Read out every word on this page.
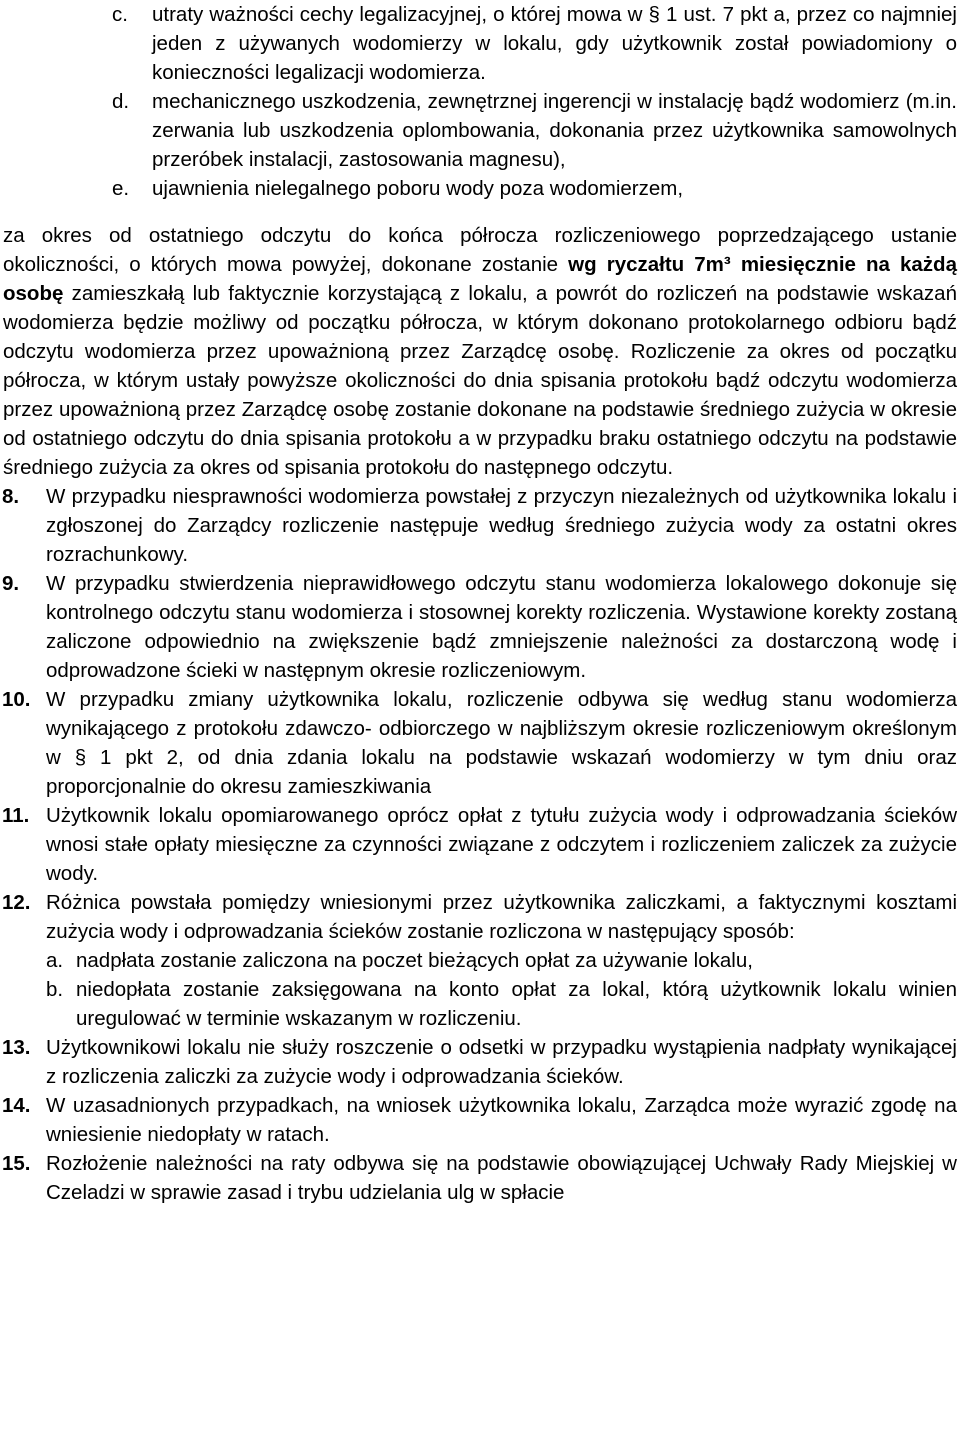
c.	utraty ważności cechy legalizacyjnej, o której mowa w § 1 ust. 7 pkt a, przez co najmniej jeden z używanych wodomierzy w lokalu, gdy użytkownik został powiadomiony o konieczności legalizacji wodomierza.
d.	mechanicznego uszkodzenia, zewnętrznej ingerencji w instalację bądź wodomierz (m.in. zerwania lub uszkodzenia oplombowania, dokonania przez użytkownika samowolnych przeróbek instalacji, zastosowania magnesu),
e.	ujawnienia nielegalnego poboru wody poza wodomierzem,

za okres od ostatniego odczytu do końca półrocza rozliczeniowego poprzedzającego ustanie okoliczności, o których mowa powyżej, dokonane zostanie wg ryczałtu 7m³ miesięcznie na każdą osobę zamieszkałą lub faktycznie korzystającą z lokalu, a powrót do rozliczeń na podstawie wskazań wodomierza będzie możliwy od początku półrocza, w którym dokonano protokolarnego odbioru bądź odczytu wodomierza przez upoważnioną przez Zarządcę osobę. Rozliczenie za okres od początku półrocza, w którym ustały powyższe okoliczności do dnia spisania protokołu bądź odczytu wodomierza przez upoważnioną przez Zarządcę osobę zostanie dokonane na podstawie średniego zużycia w okresie od ostatniego odczytu do dnia spisania protokołu a w przypadku braku ostatniego odczytu na podstawie średniego zużycia za okres od spisania protokołu do następnego odczytu.

8.	W przypadku niesprawności wodomierza powstałej z przyczyn niezależnych od użytkownika lokalu i zgłoszonej do Zarządcy rozliczenie następuje według średniego zużycia wody za ostatni okres rozrachunkowy.
9.	W przypadku stwierdzenia nieprawidłowego odczytu stanu wodomierza lokalowego dokonuje się kontrolnego odczytu stanu wodomierza i stosownej korekty rozliczenia. Wystawione korekty zostaną zaliczone odpowiednio na zwiększenie bądź zmniejszenie należności za dostarczoną wodę i odprowadzone ścieki w następnym okresie rozliczeniowym.
10. W przypadku zmiany użytkownika lokalu, rozliczenie odbywa się według stanu wodomierza wynikającego z protokołu zdawczo- odbiorczego w najbliższym okresie rozliczeniowym określonym w § 1 pkt 2, od dnia zdania lokalu na podstawie wskazań wodomierzy w tym dniu oraz proporcjonalnie do okresu zamieszkiwania
11. Użytkownik lokalu opomiarowanego oprócz opłat z tytułu zużycia wody i odprowadzania ścieków wnosi stałe opłaty miesięczne za czynności związane z odczytem i rozliczeniem zaliczek za zużycie wody.
12. Różnica powstała pomiędzy wniesionymi przez użytkownika zaliczkami, a faktycznymi kosztami zużycia wody i odprowadzania ścieków zostanie rozliczona w następujący sposób:
a. nadpłata zostanie zaliczona na poczet bieżących opłat za używanie lokalu,
b. niedopłata zostanie zaksięgowana na konto opłat za lokal, którą użytkownik lokalu winien uregulować w terminie wskazanym w rozliczeniu.
13. Użytkownikowi lokalu nie służy roszczenie o odsetki w przypadku wystąpienia nadpłaty wynikającej z rozliczenia zaliczki za zużycie wody i odprowadzania ścieków.
14. W uzasadnionych przypadkach, na wniosek użytkownika lokalu, Zarządca może wyrazić zgodę na wniesienie niedopłaty w ratach.
15. Rozłożenie należności na raty odbywa się na podstawie obowiązującej Uchwały Rady Miejskiej w Czeladzi w sprawie zasad i trybu udzielania ulg w spłacie
